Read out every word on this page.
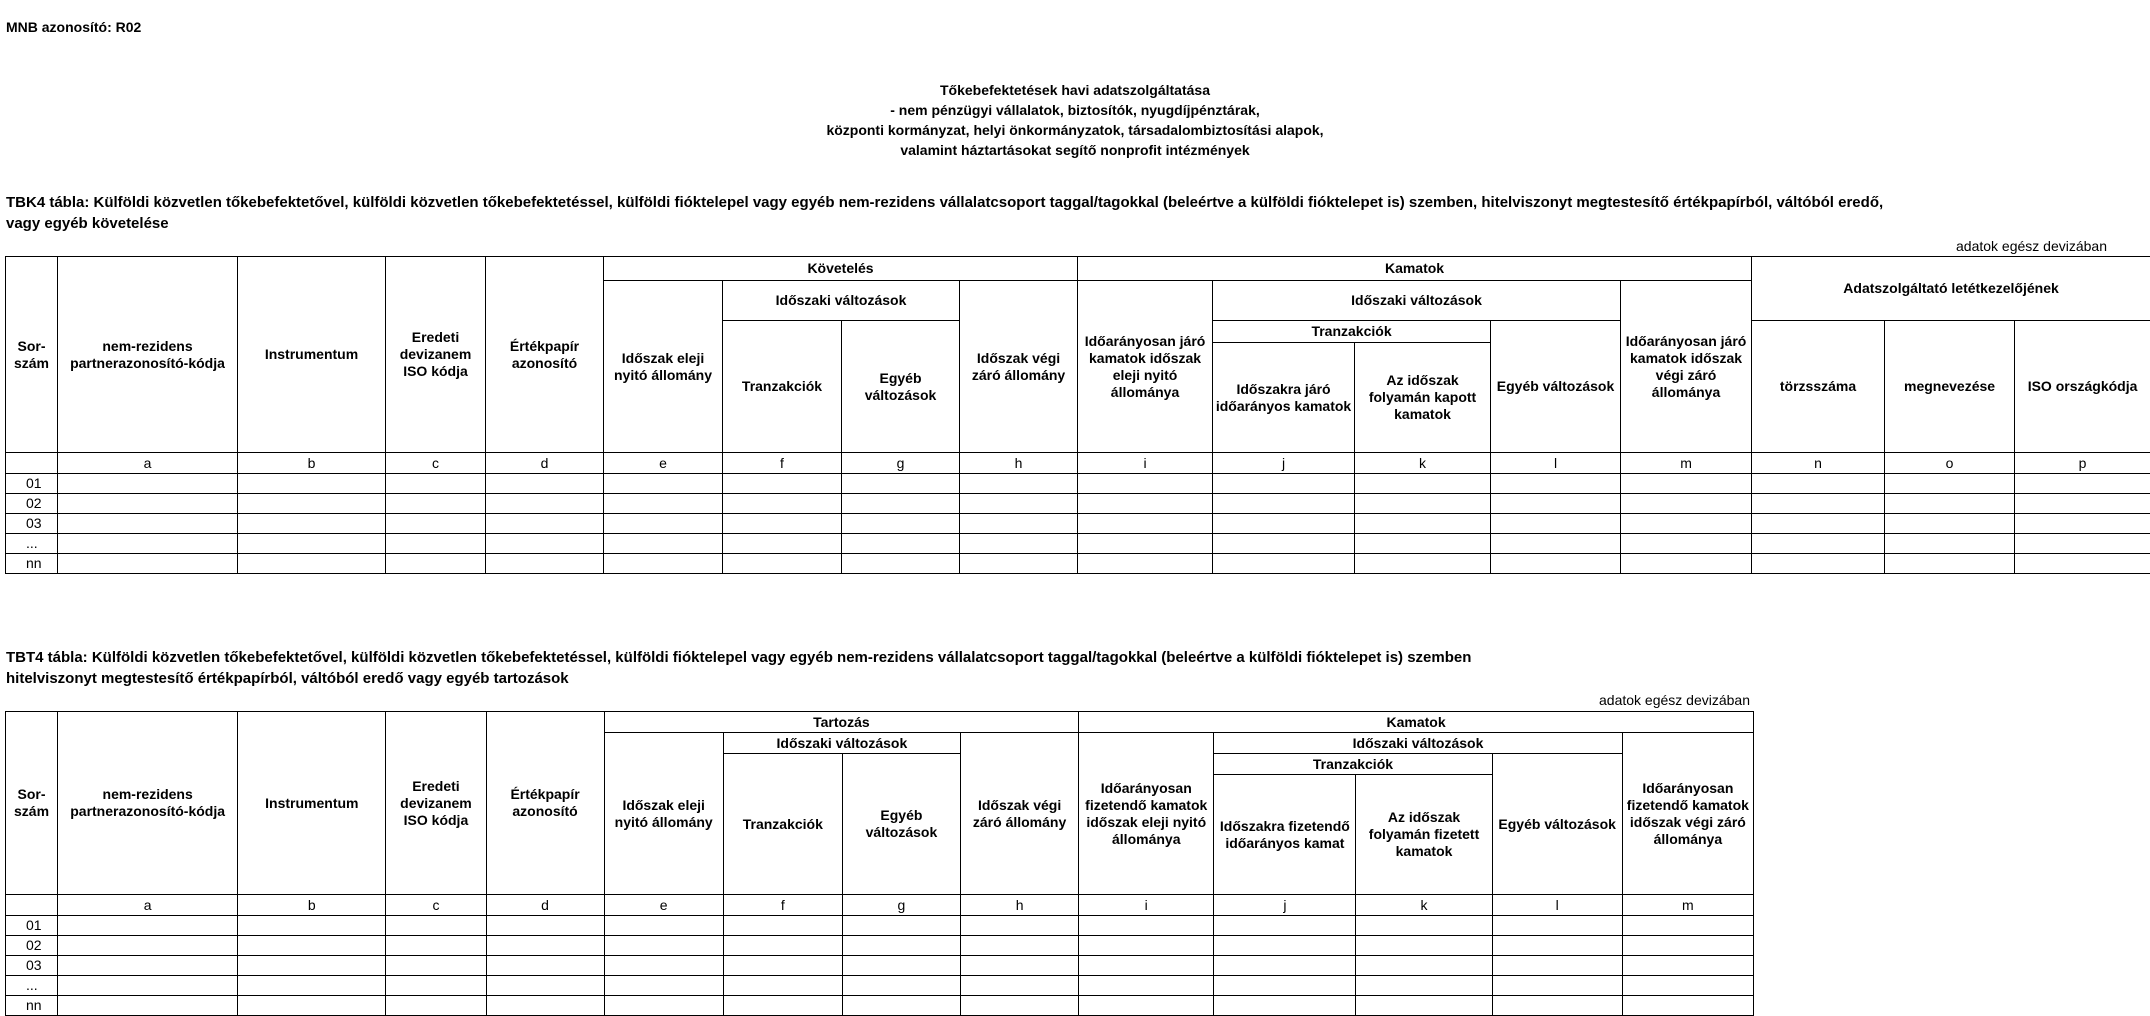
MNB azonosító: R02
Tőkebefektetések havi adatszolgáltatása
- nem pénzügyi vállalatok, biztosítók, nyugdíjpénztárak,
központi kormányzat, helyi önkormányzatok, társadalombiztosítási alapok,
valamint háztartásokat segítő nonprofit intézmények
TBK4 tábla: Külföldi közvetlen tőkebefektetővel, külföldi közvetlen tőkebefektetéssel, külföldi fióktelepel vagy egyéb nem-rezidens vállalatcsoport taggal/tagokkal (beleértve a külföldi fióktelepet is) szemben, hitelviszonyt megtestesítő értékpapírból, váltóból eredő,
vagy egyéb követelése
adatok egész devizában
Sor-szám	nem-rezidens partnerazonosító-kódja	Instrumentum	Eredeti devizanem ISO kódja	Értékpapír azonosító	Követelés				Kamatok					Adatszolgáltató letétkezelőjének			
					Időszak eleji nyitó állomány	Időszaki változások		Időszak végi záró állomány	Időarányosan járó kamatok időszak eleji nyitó állománya	Időszaki változások			Időarányosan járó kamatok időszak végi záró állománya				
						Tranzakciók	Egyéb változások			Tranzakciók		Egyéb változások		törzsszáma	megnevezése	ISO országkódja	
										Időszakra járó időarányos kamatok	Az időszak folyamán kapott kamatok						
	a	b	c	d	e	f	g	h	i	j	k	l	m	n	o	p	
01																	
02																	
03																	
...																	
nn																	
TBT4 tábla: Külföldi közvetlen tőkebefektetővel, külföldi közvetlen tőkebefektetéssel, külföldi fióktelepel vagy egyéb nem-rezidens vállalatcsoport taggal/tagokkal (beleértve a külföldi fióktelepet is) szemben
hitelviszonyt megtestesítő értékpapírból, váltóból eredő vagy egyéb tartozások
adatok egész devizában
Sor-szám	nem-rezidens partnerazonosító-kódja	Instrumentum	Eredeti devizanem ISO kódja	Értékpapír azonosító	Tartozás				Kamatok				
					Időszak eleji nyitó állomány	Időszaki változások		Időszak végi záró állomány	Időarányosan fizetendő kamatok időszak eleji nyitó állománya	Időszaki változások			Időarányosan fizetendő kamatok időszak végi záró állománya
						Tranzakciók	Egyéb változások			Tranzakciók		Egyéb változások	
										Időszakra fizetendő időarányos kamat	Az időszak folyamán fizetett kamatok		
	a	b	c	d	e	f	g	h	i	j	k	l	m
01													
02													
03													
...													
nn													
